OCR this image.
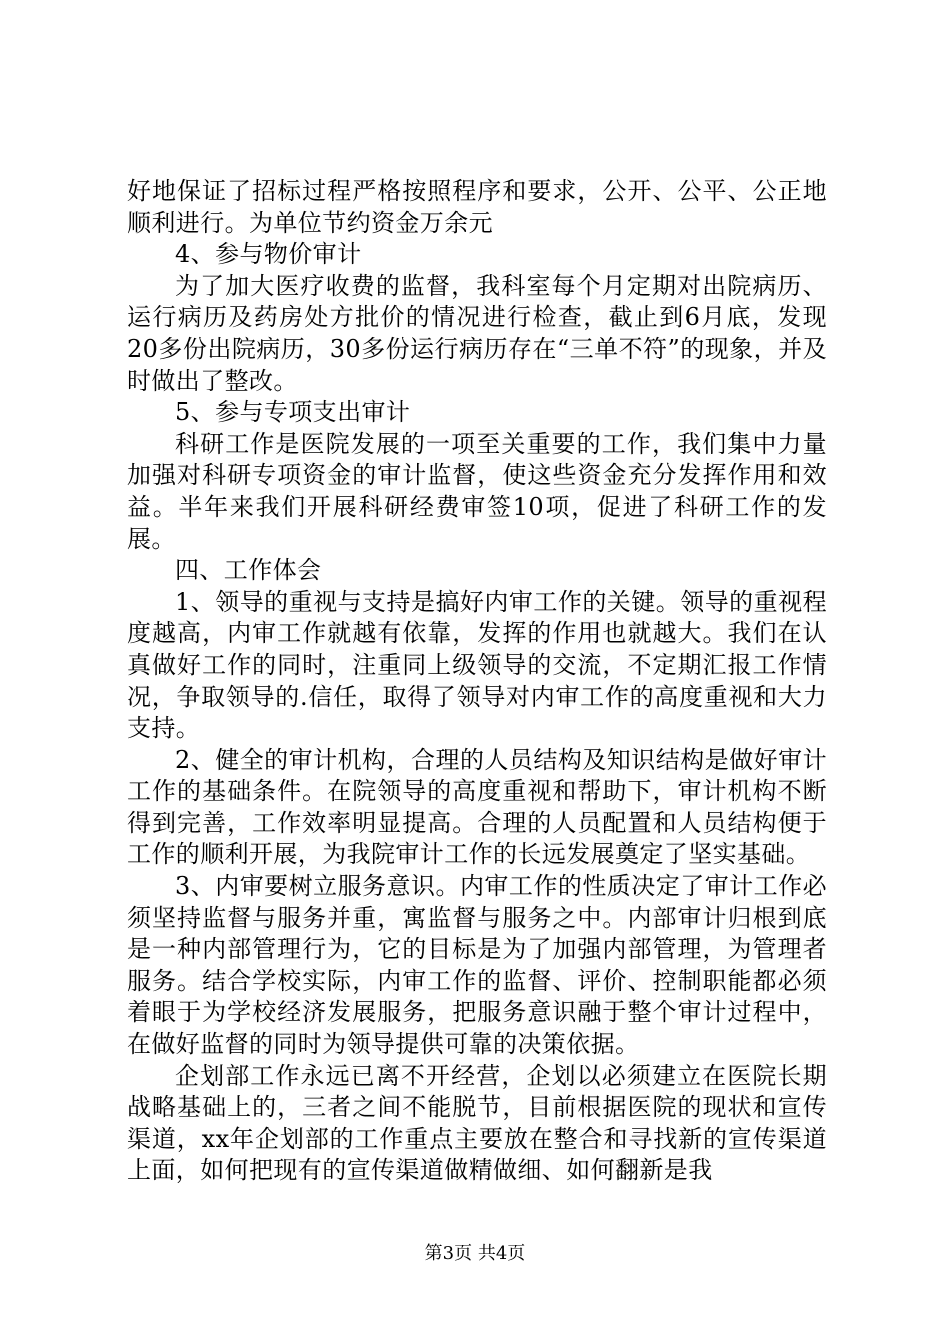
好地保证了招标过程严格按照程序和要求，公开、公平、公正地顺利进行。为单位节约资金万余元

4、参与物价审计

为了加大医疗收费的监督，我科室每个月定期对出院病历、运行病历及药房处方批价的情况进行检查，截止到6月底，发现20多份出院病历，30多份运行病历存在“三单不符”的现象，并及时做出了整改。

5、参与专项支出审计

科研工作是医院发展的一项至关重要的工作，我们集中力量加强对科研专项资金的审计监督，使这些资金充分发挥作用和效益。半年来我们开展科研经费审签10项，促进了科研工作的发展。

四、工作体会

1、领导的重视与支持是搞好内审工作的关键。领导的重视程度越高，内审工作就越有依靠，发挥的作用也就越大。我们在认真做好工作的同时，注重同上级领导的交流，不定期汇报工作情况，争取领导的.信任，取得了领导对内审工作的高度重视和大力支持。

2、健全的审计机构，合理的人员结构及知识结构是做好审计工作的基础条件。在院领导的高度重视和帮助下，审计机构不断得到完善，工作效率明显提高。合理的人员配置和人员结构便于工作的顺利开展，为我院审计工作的长远发展奠定了坚实基础。

3、内审要树立服务意识。内审工作的性质决定了审计工作必须坚持监督与服务并重，寓监督与服务之中。内部审计归根到底是一种内部管理行为，它的目标是为了加强内部管理，为管理者服务。结合学校实际，内审工作的监督、评价、控制职能都必须着眼于为学校经济发展服务，把服务意识融于整个审计过程中，在做好监督的同时为领导提供可靠的决策依据。

企划部工作永远已离不开经营，企划以必须建立在医院长期战略基础上的，三者之间不能脱节，目前根据医院的现状和宣传渠道，xx年企划部的工作重点主要放在整合和寻找新的宣传渠道上面，如何把现有的宣传渠道做精做细、如何翻新是我

第3页 共4页
